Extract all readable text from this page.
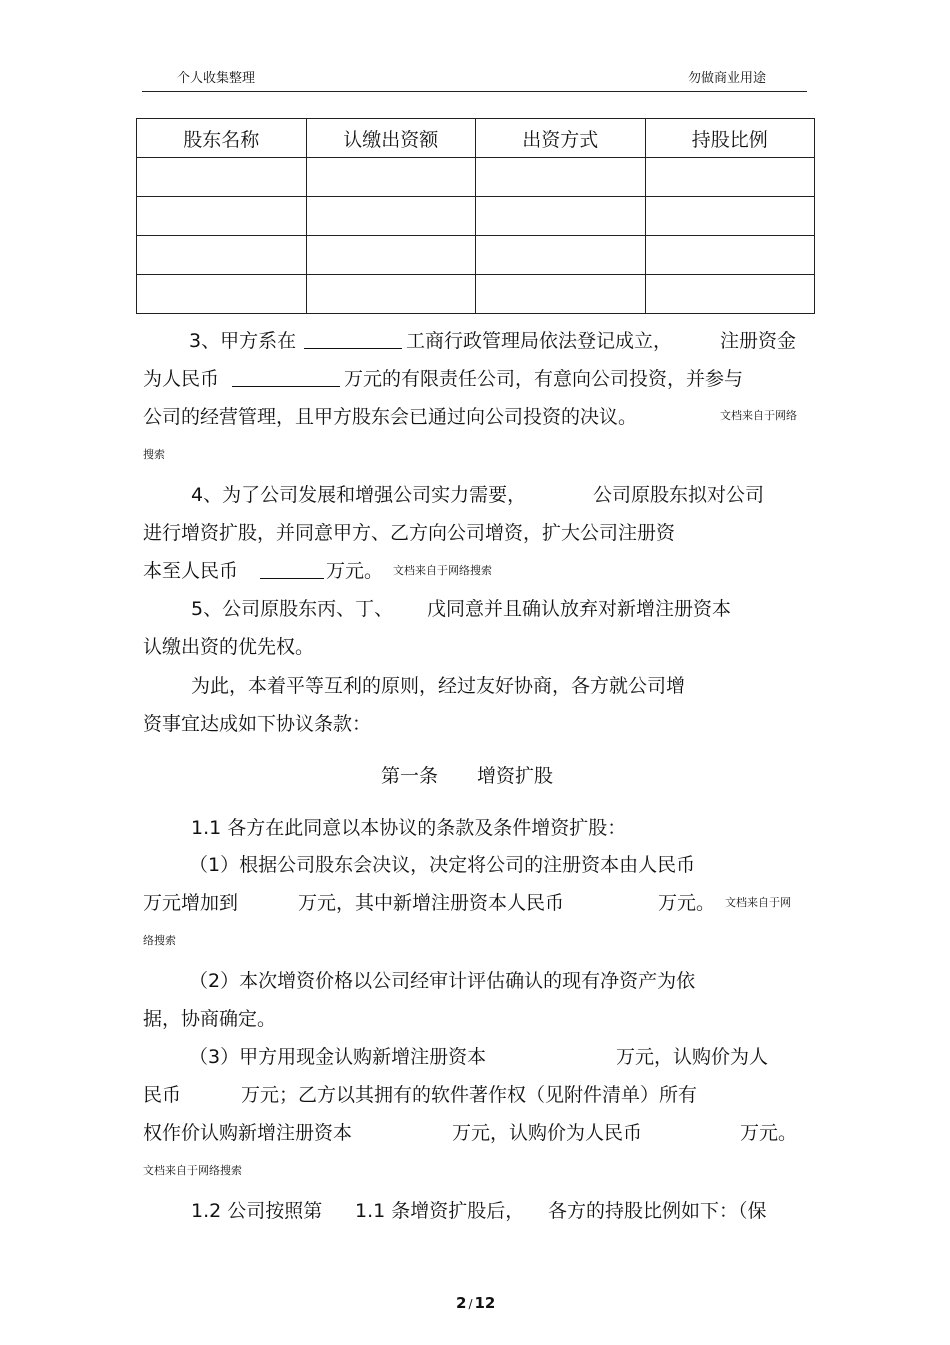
个人收集整理	勿做商业用途
股东名称	认缴出资额	出资方式	持股比例

3、甲方系在	工商行政管理局依法登记成立，	注册资金
为人民币	万元的有限责任公司，有意向公司投资，并参与
公司的经营管理，且甲方股东会已通过向公司投资的决议。	文档来自于网络
搜索
4、为了公司发展和增强公司实力需要，	公司原股东拟对公司
进行增资扩股，并同意甲方、乙方向公司增资，扩大公司注册资
本至人民币	万元。 文档来自于网络搜索
5、公司原股东丙、丁、 戊同意并且确认放弃对新增注册资本
认缴出资的优先权。
为此，本着平等互利的原则，经过友好协商，各方就公司增
资事宜达成如下协议条款：
第一条 增资扩股
1.1 各方在此同意以本协议的条款及条件增资扩股：
（1）根据公司股东会决议，决定将公司的注册资本由人民币
万元增加到	万元，其中新增注册资本人民币	万元。 文档来自于网
络搜索
（2）本次增资价格以公司经审计评估确认的现有净资产为依
据，协商确定。
（3）甲方用现金认购新增注册资本	万元，认购价为人
民币	万元；乙方以其拥有的软件著作权（见附件清单）所有
权作价认购新增注册资本	万元，认购价为人民币	万元。
文档来自于网络搜索
1.2 公司按照第 1.1 条增资扩股后， 各方的持股比例如下：（保
2 / 12
